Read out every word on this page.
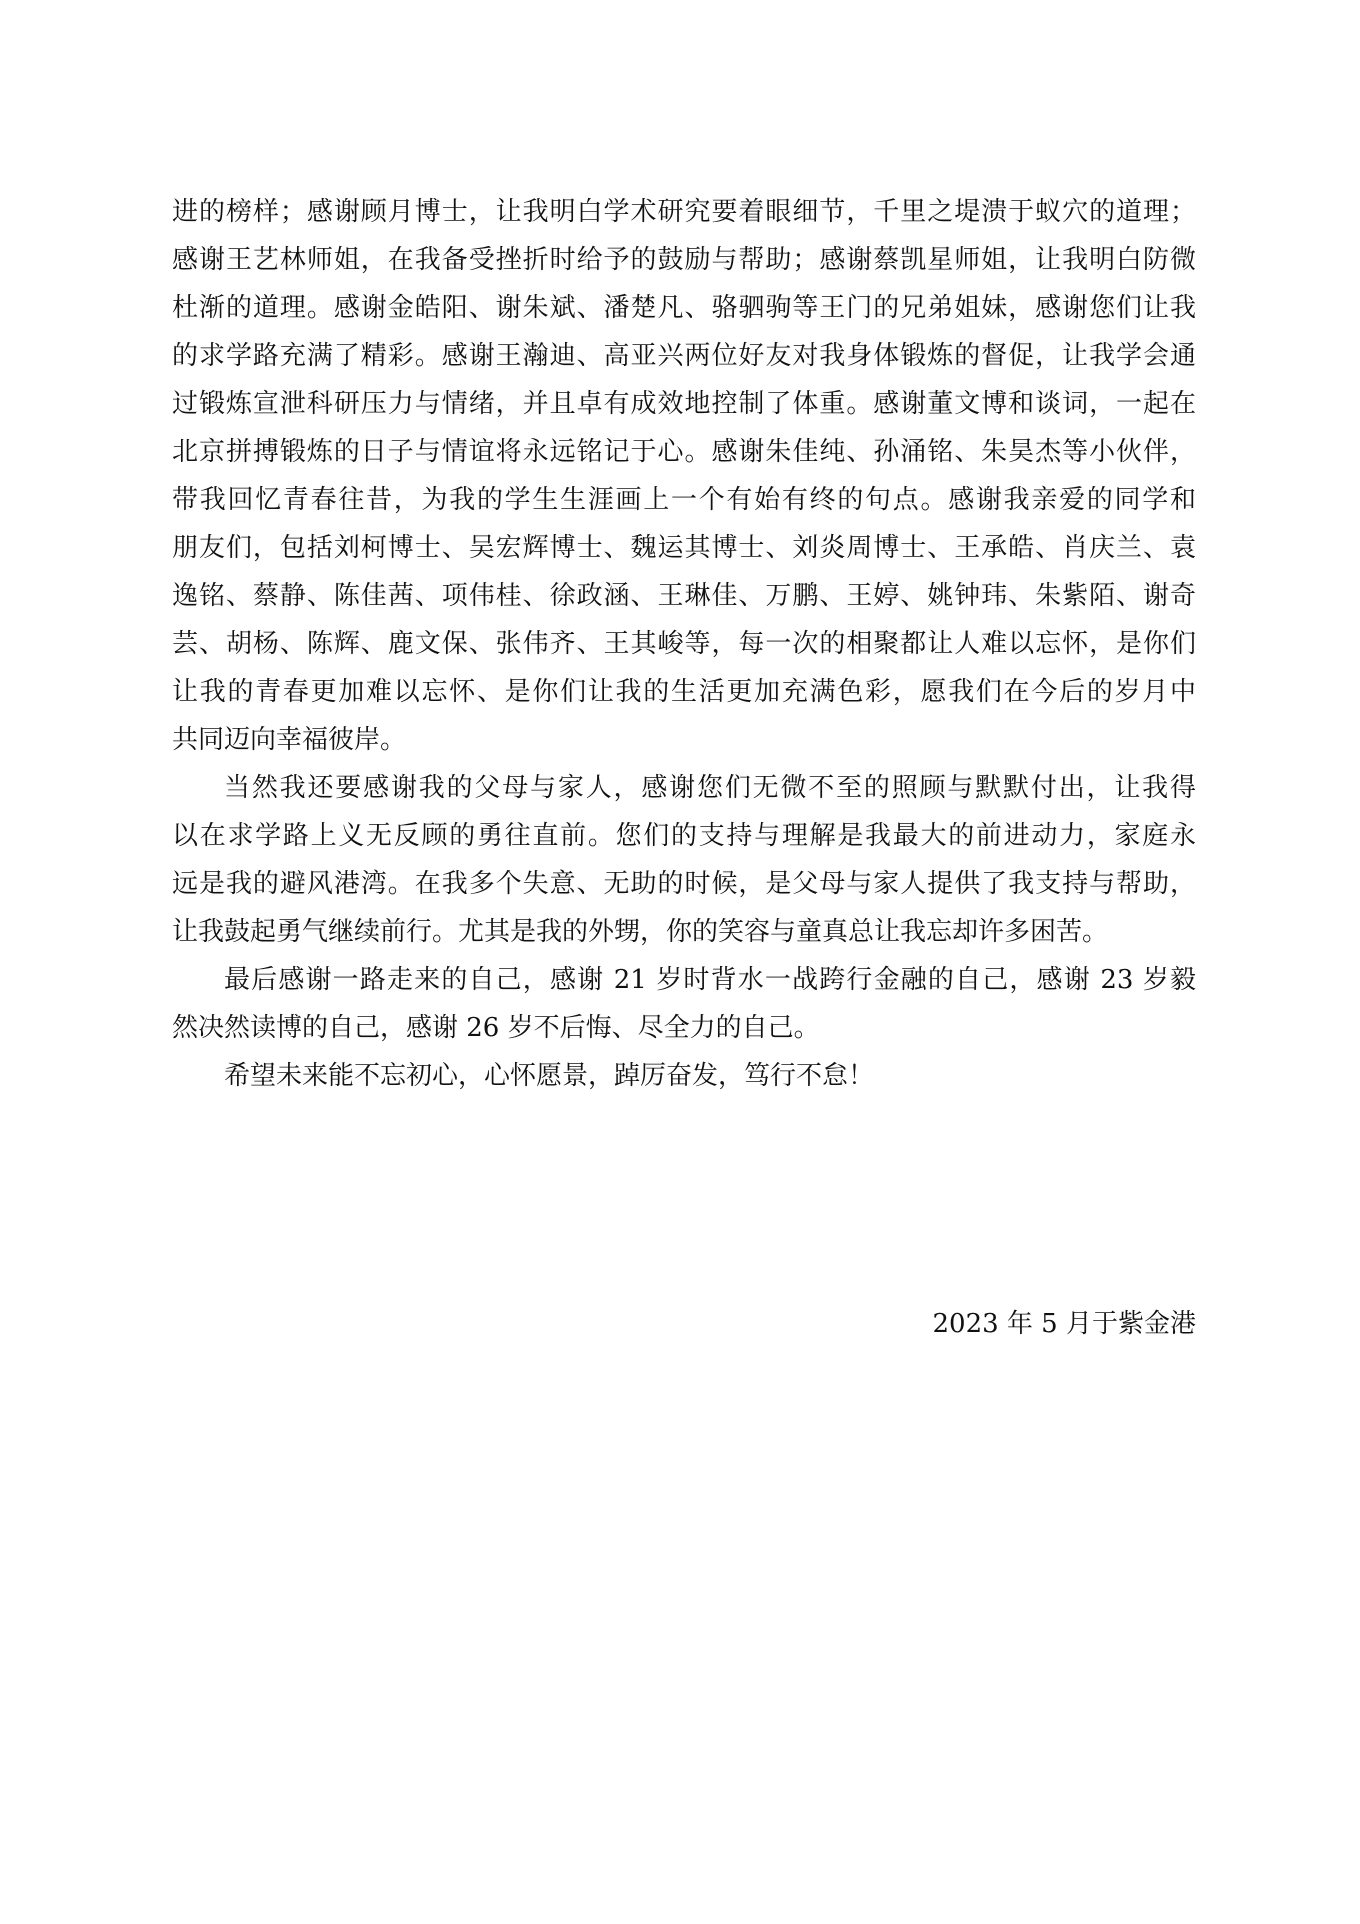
进的榜样；感谢顾月博士，让我明白学术研究要着眼细节，千里之堤溃于蚁穴的道理；
感谢王艺林师姐，在我备受挫折时给予的鼓励与帮助；感谢蔡凯星师姐，让我明白防微
杜渐的道理。感谢金皓阳、谢朱斌、潘楚凡、骆驷驹等王门的兄弟姐妹，感谢您们让我
的求学路充满了精彩。感谢王瀚迪、高亚兴两位好友对我身体锻炼的督促，让我学会通
过锻炼宣泄科研压力与情绪，并且卓有成效地控制了体重。感谢董文博和谈词，一起在
北京拼搏锻炼的日子与情谊将永远铭记于心。感谢朱佳纯、孙涌铭、朱昊杰等小伙伴，
带我回忆青春往昔，为我的学生生涯画上一个有始有终的句点。感谢我亲爱的同学和
朋友们，包括刘柯博士、吴宏辉博士、魏运其博士、刘炎周博士、王承皓、肖庆兰、袁
逸铭、蔡静、陈佳茜、项伟桂、徐政涵、王琳佳、万鹏、王婷、姚钟玮、朱紫陌、谢奇
芸、胡杨、陈辉、鹿文保、张伟齐、王其峻等，每一次的相聚都让人难以忘怀，是你们
让我的青春更加难以忘怀、是你们让我的生活更加充满色彩，愿我们在今后的岁月中
共同迈向幸福彼岸。
当然我还要感谢我的父母与家人，感谢您们无微不至的照顾与默默付出，让我得
以在求学路上义无反顾的勇往直前。您们的支持与理解是我最大的前进动力，家庭永
远是我的避风港湾。在我多个失意、无助的时候，是父母与家人提供了我支持与帮助，
让我鼓起勇气继续前行。尤其是我的外甥，你的笑容与童真总让我忘却许多困苦。
最后感谢一路走来的自己，感谢 21 岁时背水一战跨行金融的自己，感谢 23 岁毅
然决然读博的自己，感谢 26 岁不后悔、尽全力的自己。
希望未来能不忘初心，心怀愿景，踔厉奋发，笃行不怠！
2023 年 5 月于紫金港
